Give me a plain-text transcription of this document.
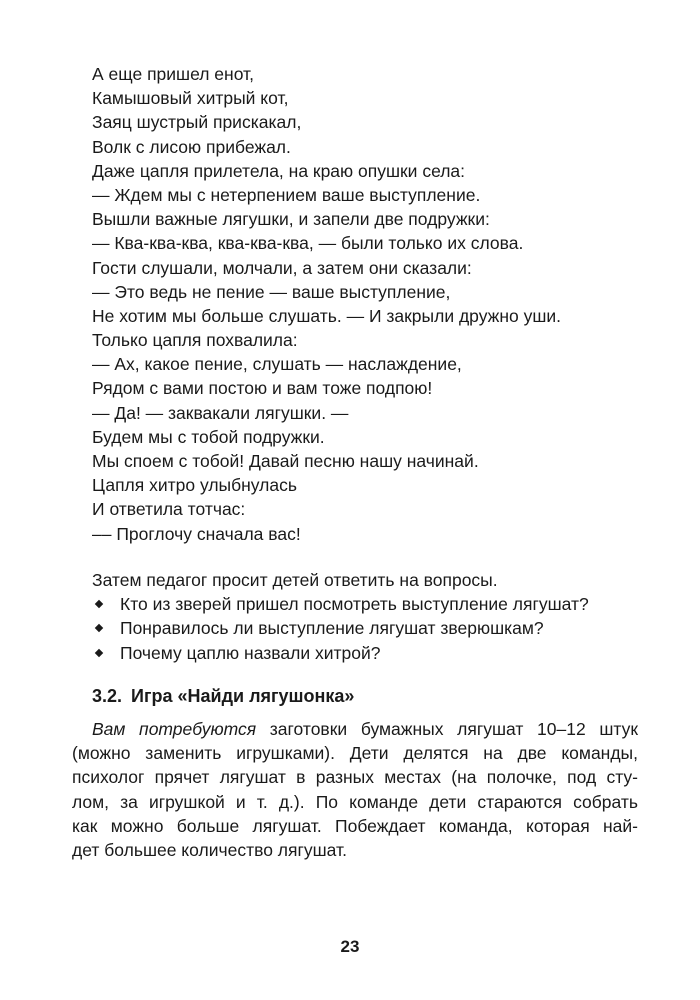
А еще пришел енот,
Камышовый хитрый кот,
Заяц шустрый прискакал,
Волк с лисою прибежал.
Даже цапля прилетела, на краю опушки села:
— Ждем мы с нетерпением ваше выступление.
Вышли важные лягушки, и запели две подружки:
— Ква-ква-ква, ква-ква-ква, — были только их слова.
Гости слушали, молчали, а затем они сказали:
— Это ведь не пение — ваше выступление,
Не хотим мы больше слушать. — И закрыли дружно уши.
Только цапля похвалила:
— Ах, какое пение, слушать — наслаждение,
Рядом с вами постою и вам тоже подпою!
— Да! — заквакали лягушки. —
Будем мы с тобой подружки.
Мы споем с тобой! Давай песню нашу начинай.
Цапля хитро улыбнулась
И ответила тотчас:
–– Проглочу сначала вас!
Затем педагог просит детей ответить на вопросы.
Кто из зверей пришел посмотреть выступление лягушат?
Понравилось ли выступление лягушат зверюшкам?
Почему цаплю назвали хитрой?
3.2. Игра «Найди лягушонка»
Вам потребуются заготовки бумажных лягушат 10–12 штук
(можно заменить игрушками). Дети делятся на две команды,
психолог прячет лягушат в разных местах (на полочке, под сту-
лом, за игрушкой и т. д.). По команде дети стараются собрать
как можно больше лягушат. Побеждает команда, которая най-
дет большее количество лягушат.
23
